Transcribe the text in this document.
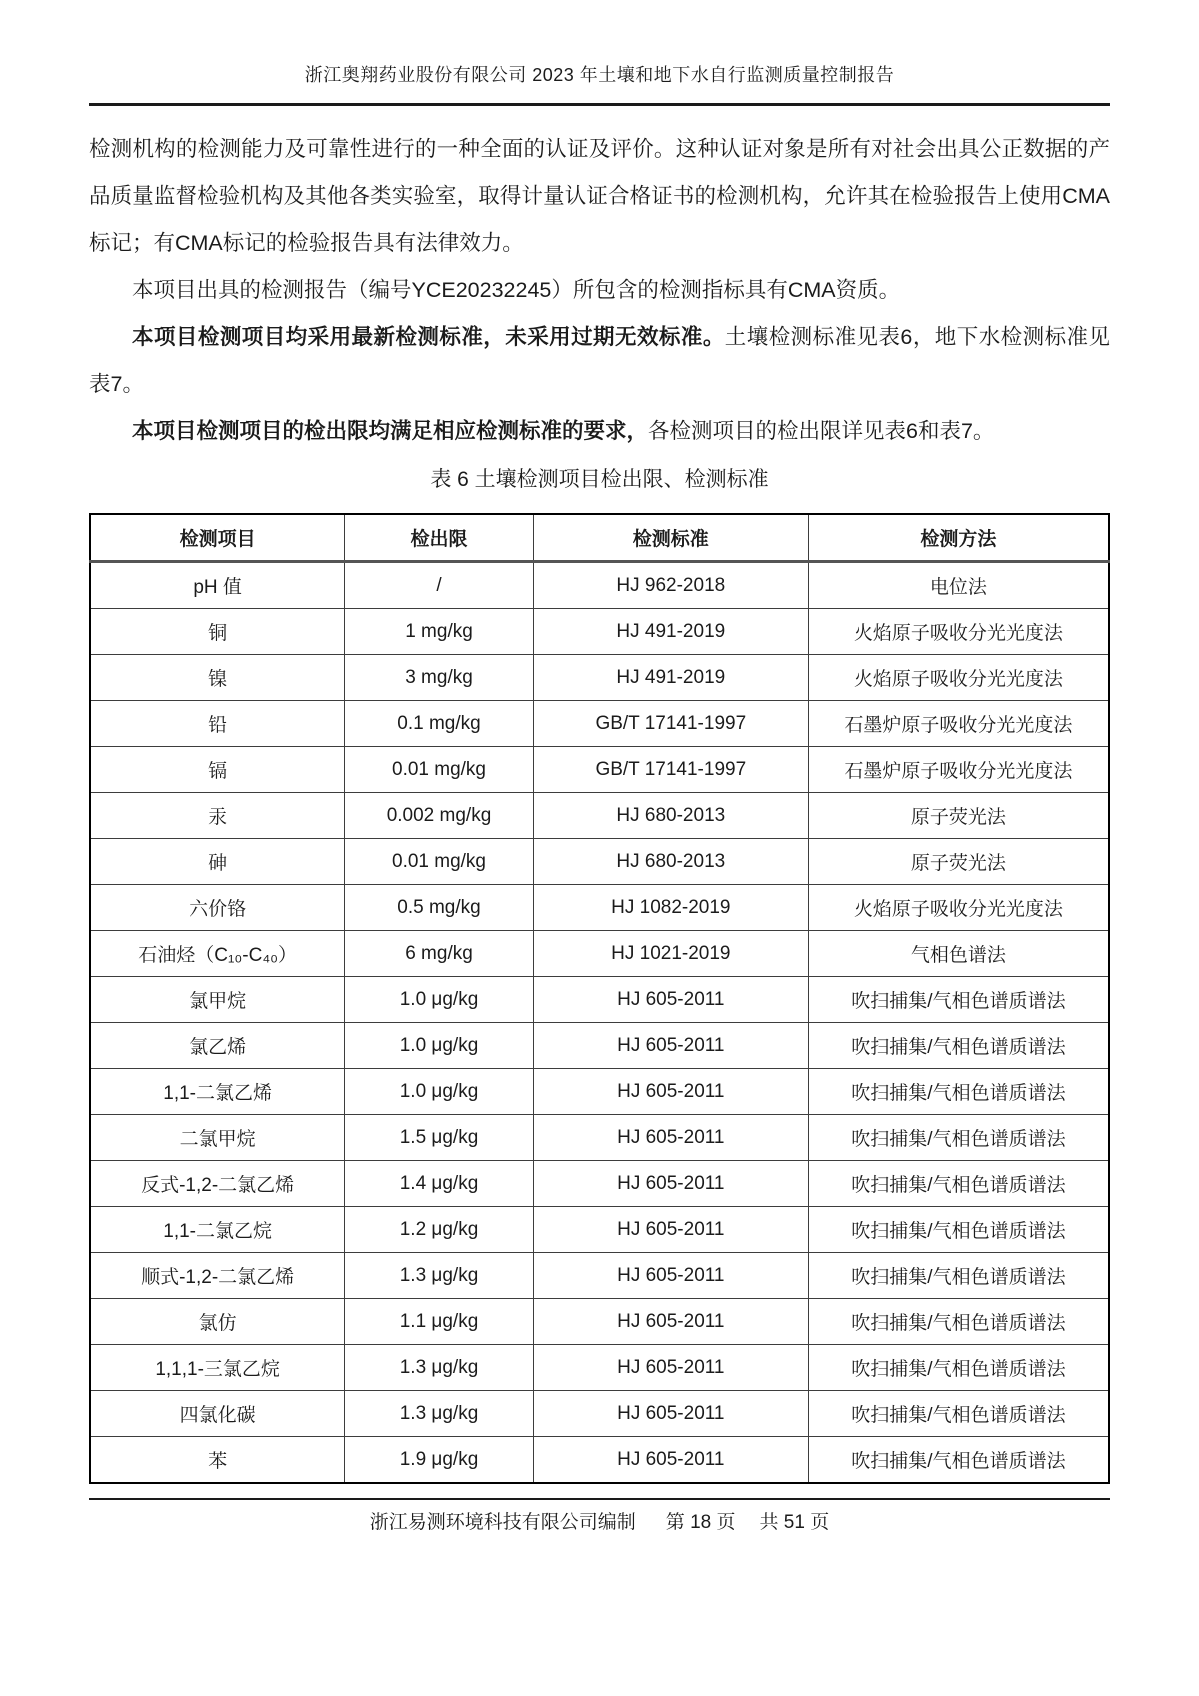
浙江奥翔药业股份有限公司 2023 年土壤和地下水自行监测质量控制报告

检测机构的检测能力及可靠性进行的一种全面的认证及评价。这种认证对象是所有对社会出具公正数据的产品质量监督检验机构及其他各类实验室，取得计量认证合格证书的检测机构，允许其在检验报告上使用CMA标记；有CMA标记的检验报告具有法律效力。

本项目出具的检测报告（编号YCE20232245）所包含的检测指标具有CMA资质。

本项目检测项目均采用最新检测标准，未采用过期无效标准。土壤检测标准见表6，地下水检测标准见表7。

本项目检测项目的检出限均满足相应检测标准的要求，各检测项目的检出限详见表6和表7。

表 6 土壤检测项目检出限、检测标准
检测项目	检出限	检测标准	检测方法
pH 值	/	HJ 962-2018	电位法
铜	1 mg/kg	HJ 491-2019	火焰原子吸收分光光度法
镍	3 mg/kg	HJ 491-2019	火焰原子吸收分光光度法
铅	0.1 mg/kg	GB/T 17141-1997	石墨炉原子吸收分光光度法
镉	0.01 mg/kg	GB/T 17141-1997	石墨炉原子吸收分光光度法
汞	0.002 mg/kg	HJ 680-2013	原子荧光法
砷	0.01 mg/kg	HJ 680-2013	原子荧光法
六价铬	0.5 mg/kg	HJ 1082-2019	火焰原子吸收分光光度法
石油烃（C₁₀-C₄₀）	6 mg/kg	HJ 1021-2019	气相色谱法
氯甲烷	1.0 μg/kg	HJ 605-2011	吹扫捕集/气相色谱质谱法
氯乙烯	1.0 μg/kg	HJ 605-2011	吹扫捕集/气相色谱质谱法
1,1-二氯乙烯	1.0 μg/kg	HJ 605-2011	吹扫捕集/气相色谱质谱法
二氯甲烷	1.5 μg/kg	HJ 605-2011	吹扫捕集/气相色谱质谱法
反式-1,2-二氯乙烯	1.4 μg/kg	HJ 605-2011	吹扫捕集/气相色谱质谱法
1,1-二氯乙烷	1.2 μg/kg	HJ 605-2011	吹扫捕集/气相色谱质谱法
顺式-1,2-二氯乙烯	1.3 μg/kg	HJ 605-2011	吹扫捕集/气相色谱质谱法
氯仿	1.1 μg/kg	HJ 605-2011	吹扫捕集/气相色谱质谱法
1,1,1-三氯乙烷	1.3 μg/kg	HJ 605-2011	吹扫捕集/气相色谱质谱法
四氯化碳	1.3 μg/kg	HJ 605-2011	吹扫捕集/气相色谱质谱法
苯	1.9 μg/kg	HJ 605-2011	吹扫捕集/气相色谱质谱法
浙江易测环境科技有限公司编制 第 18 页 共 51 页
